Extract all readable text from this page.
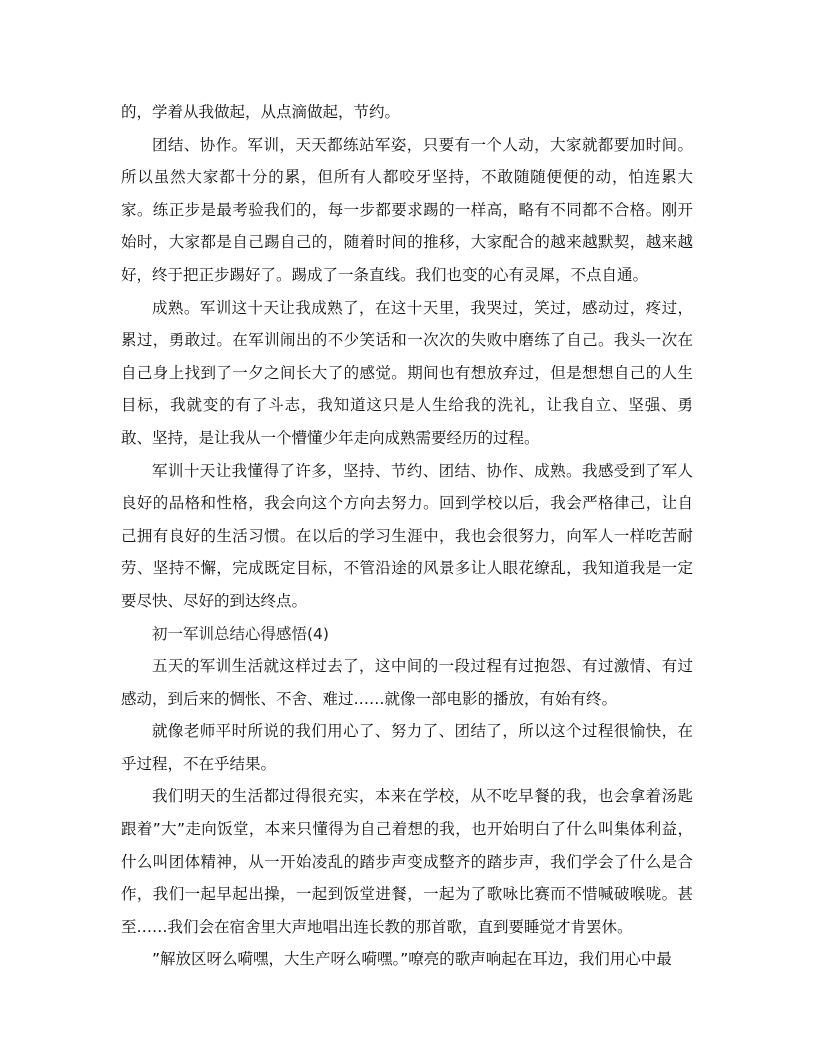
的，学着从我做起，从点滴做起，节约。

团结、协作。军训，天天都练站军姿，只要有一个人动，大家就都要加时间。所以虽然大家都十分的累，但所有人都咬牙坚持，不敢随随便便的动，怕连累大家。练正步是最考验我们的，每一步都要求踢的一样高，略有不同都不合格。刚开始时，大家都是自己踢自己的，随着时间的推移，大家配合的越来越默契，越来越好，终于把正步踢好了。踢成了一条直线。我们也变的心有灵犀，不点自通。

成熟。军训这十天让我成熟了，在这十天里，我哭过，笑过，感动过，疼过，累过，勇敢过。在军训闹出的不少笑话和一次次的失败中磨练了自己。我头一次在自己身上找到了一夕之间长大了的感觉。期间也有想放弃过，但是想想自己的人生目标，我就变的有了斗志，我知道这只是人生给我的洗礼，让我自立、坚强、勇敢、坚持，是让我从一个懵懂少年走向成熟需要经历的过程。

军训十天让我懂得了许多，坚持、节约、团结、协作、成熟。我感受到了军人良好的品格和性格，我会向这个方向去努力。回到学校以后，我会严格律己，让自己拥有良好的生活习惯。在以后的学习生涯中，我也会很努力，向军人一样吃苦耐劳、坚持不懈，完成既定目标，不管沿途的风景多让人眼花缭乱，我知道我是一定要尽快、尽好的到达终点。

初一军训总结心得感悟(4)

五天的军训生活就这样过去了，这中间的一段过程有过抱怨、有过激情、有过感动，到后来的惆怅、不舍、难过……就像一部电影的播放，有始有终。

就像老师平时所说的我们用心了、努力了、团结了，所以这个过程很愉快，在乎过程，不在乎结果。

我们明天的生活都过得很充实，本来在学校，从不吃早餐的我，也会拿着汤匙跟着”大”走向饭堂，本来只懂得为自己着想的我，也开始明白了什么叫集体利益，什么叫团体精神，从一开始凌乱的踏步声变成整齐的踏步声，我们学会了什么是合作，我们一起早起出操，一起到饭堂进餐，一起为了歌咏比赛而不惜喊破喉咙。甚至……我们会在宿舍里大声地唱出连长教的那首歌，直到要睡觉才肯罢休。

”解放区呀么嗬嘿，大生产呀么嗬嘿。”嘹亮的歌声响起在耳边，我们用心中最
